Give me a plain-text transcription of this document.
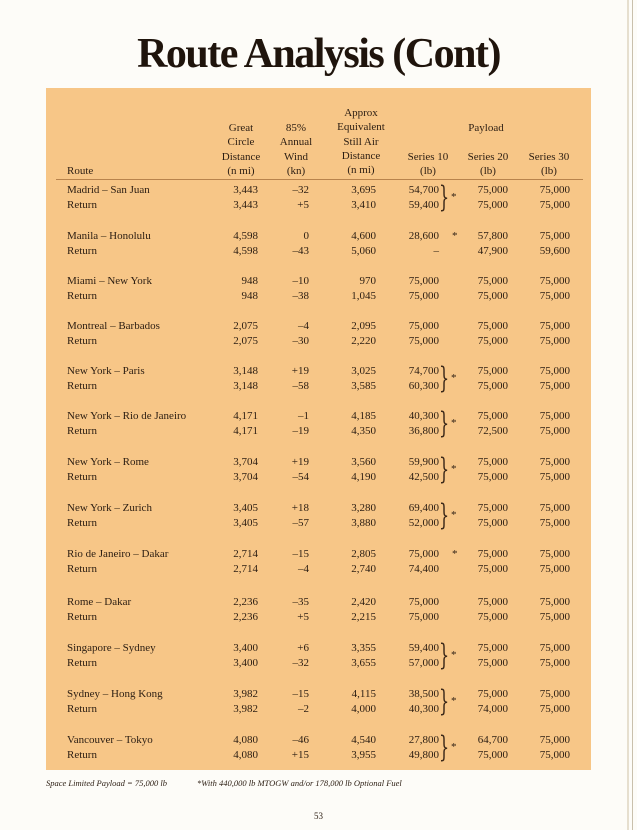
Route Analysis (Cont)
Route
Great
Circle
Distance
(n mi)
85%
Annual
Wind
(kn)
Approx
Equivalent
Still Air
Distance
(n mi)
Payload
Series 10
(lb)
Series 20
(lb)
Series 30
(lb)
Madrid – San Juan
Return
3,443
3,443
–32
+5
3,695
3,410
54,700
59,400
75,000
75,000
75,000
75,000
} *
Manila – Honolulu
Return
4,598
4,598
0
–43
4,600
5,060
28,600
–
57,800
47,900
75,000
59,600
*
Miami – New York
Return
948
948
–10
–38
970
1,045
75,000
75,000
75,000
75,000
75,000
75,000
Montreal – Barbados
Return
2,075
2,075
–4
–30
2,095
2,220
75,000
75,000
75,000
75,000
75,000
75,000
New York – Paris
Return
3,148
3,148
+19
–58
3,025
3,585
74,700
60,300
75,000
75,000
75,000
75,000
} *
New York – Rio de Janeiro
Return
4,171
4,171
–1
–19
4,185
4,350
40,300
36,800
75,000
72,500
75,000
75,000
} *
New York – Rome
Return
3,704
3,704
+19
–54
3,560
4,190
59,900
42,500
75,000
75,000
75,000
75,000
} *
New York – Zurich
Return
3,405
3,405
+18
–57
3,280
3,880
69,400
52,000
75,000
75,000
75,000
75,000
} *
Rio de Janeiro – Dakar
Return
2,714
2,714
–15
–4
2,805
2,740
75,000
74,400
75,000
75,000
75,000
75,000
*
Rome – Dakar
Return
2,236
2,236
–35
+5
2,420
2,215
75,000
75,000
75,000
75,000
75,000
75,000
Singapore – Sydney
Return
3,400
3,400
+6
–32
3,355
3,655
59,400
57,000
75,000
75,000
75,000
75,000
} *
Sydney – Hong Kong
Return
3,982
3,982
–15
–2
4,115
4,000
38,500
40,300
75,000
74,000
75,000
75,000
} *
Vancouver – Tokyo
Return
4,080
4,080
–46
+15
4,540
3,955
27,800
49,800
64,700
75,000
75,000
75,000
} *
Space Limited Payload = 75,000 lb	*With 440,000 lb MTOGW and/or 178,000 lb Optional Fuel
53
